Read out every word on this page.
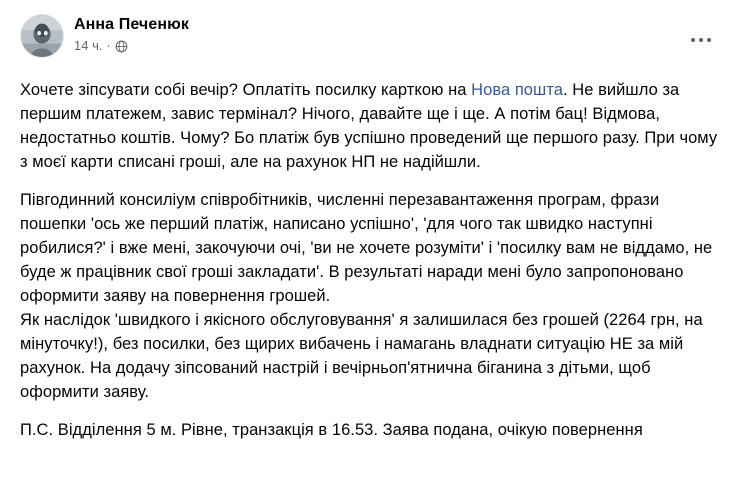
Анна Печенюк
14 ч. ·

Хочете зіпсувати собі вечір? Оплатіть посилку карткою на Нова пошта. Не вийшло за першим платежем, завис термінал? Нічого, давайте ще і ще. А потім бац! Відмова, недостатньо коштів. Чому? Бо платіж був успішно проведений ще першого разу. При чому з моєї карти списані гроші, але на рахунок НП не надійшли.

Півгодинний консиліум співробітників, численні перезавантаження програм, фрази пошепки 'ось же перший платіж, написано успішно', 'для чого так швидко наступні робилися?' і вже мені, закочуючи очі, 'ви не хочете розуміти' і 'посилку вам не віддамо, не буде ж працівник свої гроші закладати'. В результаті наради мені було запропоновано оформити заяву на повернення грошей.

Як наслідок 'швидкого і якісного обслуговування' я залишилася без грошей (2264 грн, на мінуточку!), без посилки, без щирих вибачень і намагань владнати ситуацію НЕ за мій рахунок. На додачу зіпсований настрій і вечірньоп'ятнична біганина з дітьми, щоб оформити заяву.

П.С. Відділення 5 м. Рівне, транзакція в 16.53. Заява подана, очікую повернення
